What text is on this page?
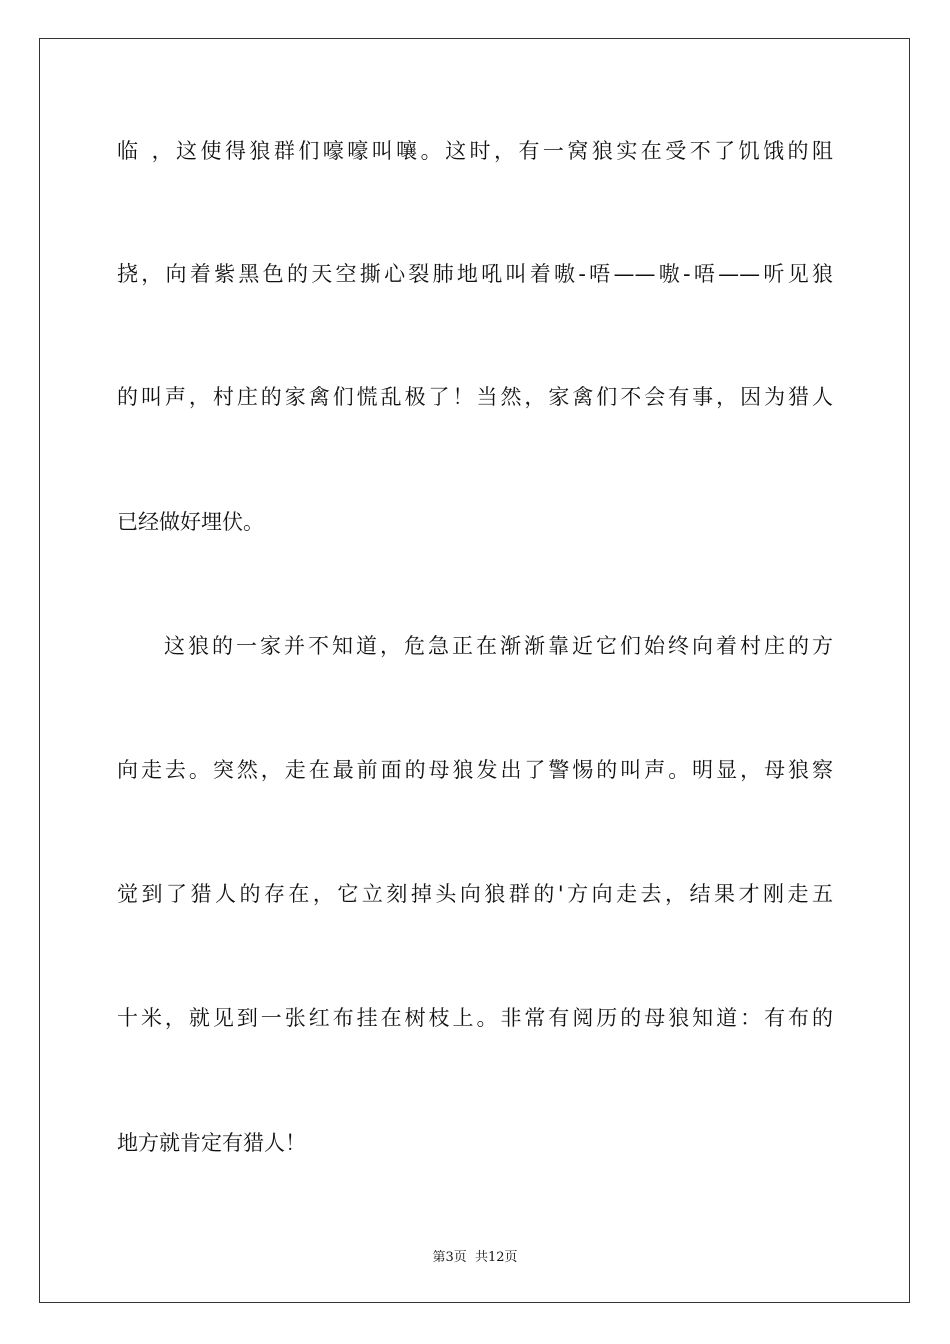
临 ，这使得狼群们嚎嚎叫嚷。这时，有一窝狼实在受不了饥饿的阻
挠，向着紫黑色的天空撕心裂肺地吼叫着嗷-唔——嗷-唔——听见狼
的叫声，村庄的家禽们慌乱极了！当然，家禽们不会有事，因为猎人
已经做好埋伏。
这狼的一家并不知道，危急正在渐渐靠近它们始终向着村庄的方
向走去。突然，走在最前面的母狼发出了警惕的叫声。明显，母狼察
觉到了猎人的存在，它立刻掉头向狼群的'方向走去，结果才刚走五
十米，就见到一张红布挂在树枝上。非常有阅历的母狼知道：有布的
地方就肯定有猎人！
第3页 共12页
